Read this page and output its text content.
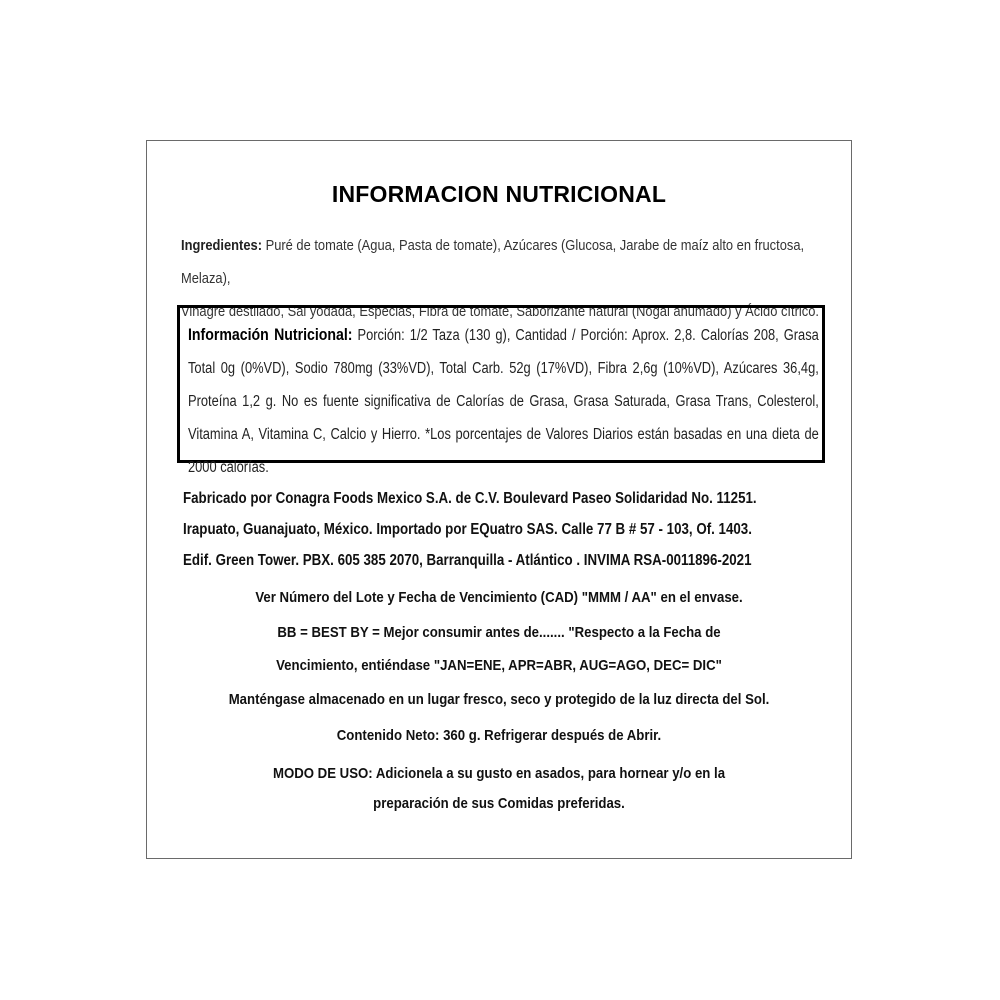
INFORMACION NUTRICIONAL
Ingredientes: Puré de tomate (Agua, Pasta de tomate), Azúcares (Glucosa, Jarabe de maíz alto en fructosa, Melaza),
Vinagre destilado, Sal yodada, Especias, Fibra de tomate, Saborizante natural (Nogal ahumado) y Ácido cítrico.
Información Nutricional: Porción: 1/2 Taza (130 g), Cantidad / Porción: Aprox. 2,8. Calorías 208, Grasa Total 0g (0%VD), Sodio 780mg (33%VD), Total Carb. 52g (17%VD), Fibra 2,6g (10%VD), Azúcares 36,4g, Proteína 1,2 g. No es fuente significativa de Calorías de Grasa, Grasa Saturada, Grasa Trans, Colesterol, Vitamina A, Vitamina C, Calcio y Hierro. *Los porcentajes de Valores Diarios están basadas en una dieta de 2000 calorías.
Fabricado por Conagra Foods Mexico S.A. de C.V. Boulevard Paseo Solidaridad No. 11251.
Irapuato, Guanajuato, México. Importado por EQuatro SAS. Calle 77 B # 57 - 103, Of. 1403.
Edif. Green Tower. PBX. 605 385 2070, Barranquilla - Atlántico . INVIMA RSA-0011896-2021
Ver Número del Lote y Fecha de Vencimiento (CAD) "MMM / AA" en el envase.
BB = BEST BY = Mejor consumir antes de....... "Respecto a la Fecha de
Vencimiento, entiéndase "JAN=ENE, APR=ABR, AUG=AGO, DEC= DIC"
Manténgase almacenado en un lugar fresco, seco y protegido de la luz directa del Sol.
Contenido Neto: 360 g. Refrigerar después de Abrir.
MODO DE USO: Adicionela a su gusto en asados, para hornear y/o en la
preparación de sus Comidas preferidas.
